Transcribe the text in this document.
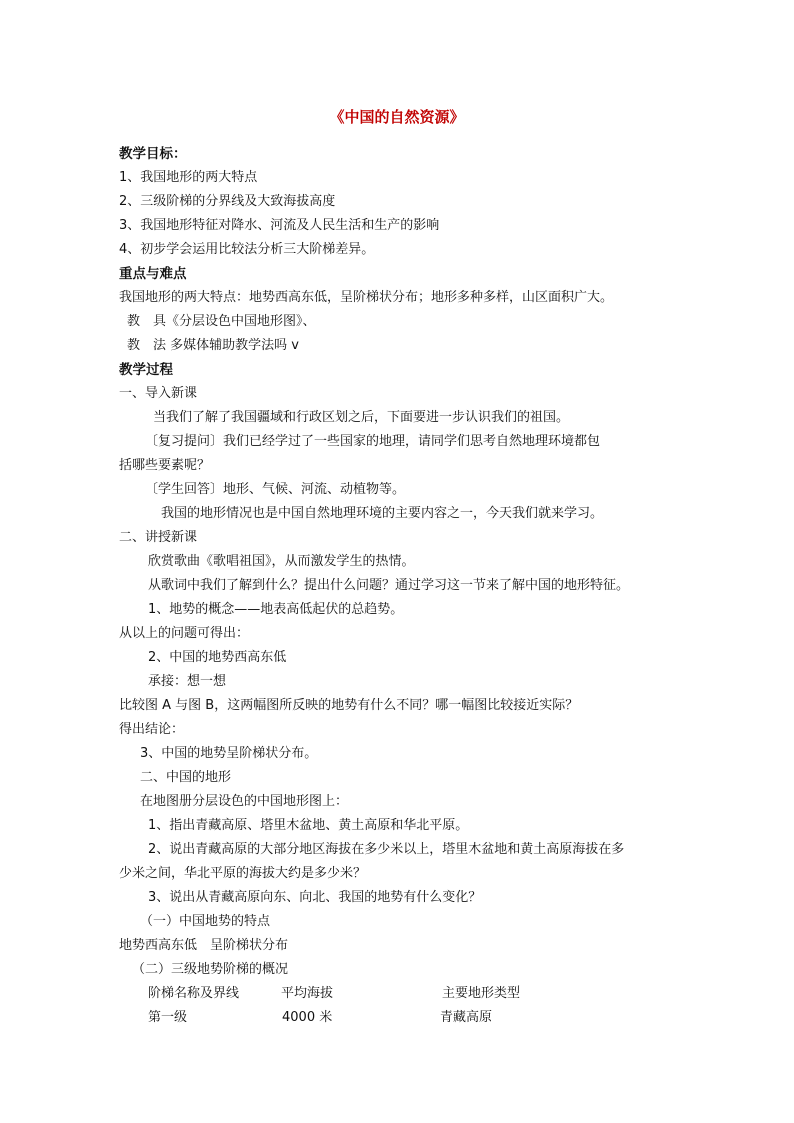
《中国的自然资源》
教学目标：
1、我国地形的两大特点
2、三级阶梯的分界线及大致海拔高度
3、我国地形特征对降水、河流及人民生活和生产的影响
4、初步学会运用比较法分析三大阶梯差异。
重点与难点
我国地形的两大特点：地势西高东低，呈阶梯状分布；地形多种多样，山区面积广大。
教　具《分层设色中国地形图》、
教　法 多媒体辅助教学法吗 v
教学过程
一、导入新课
当我们了解了我国疆域和行政区划之后，下面要进一步认识我们的祖国。
〔复习提问〕我们已经学过了一些国家的地理，请同学们思考自然地理环境都包
括哪些要素呢？
〔学生回答〕地形、气候、河流、动植物等。
我国的地形情况也是中国自然地理环境的主要内容之一，今天我们就来学习。
二、讲授新课
欣赏歌曲《歌唱祖国》，从而激发学生的热情。
从歌词中我们了解到什么？提出什么问题？通过学习这一节来了解中国的地形特征。
1、地势的概念——地表高低起伏的总趋势。
从以上的问题可得出：
2、中国的地势西高东低
承接：想一想
比较图 A 与图 B，这两幅图所反映的地势有什么不同？哪一幅图比较接近实际？
得出结论：
3、中国的地势呈阶梯状分布。
二、中国的地形
在地图册分层设色的中国地形图上：
1、指出青藏高原、塔里木盆地、黄土高原和华北平原。
2、说出青藏高原的大部分地区海拔在多少米以上，塔里木盆地和黄土高原海拔在多
少米之间，华北平原的海拔大约是多少米？
3、说出从青藏高原向东、向北、我国的地势有什么变化？
（一）中国地势的特点
地势西高东低　呈阶梯状分布
（二）三级地势阶梯的概况
阶梯名称及界线	平均海拔	主要地形类型
第一级	4000 米	青藏高原
